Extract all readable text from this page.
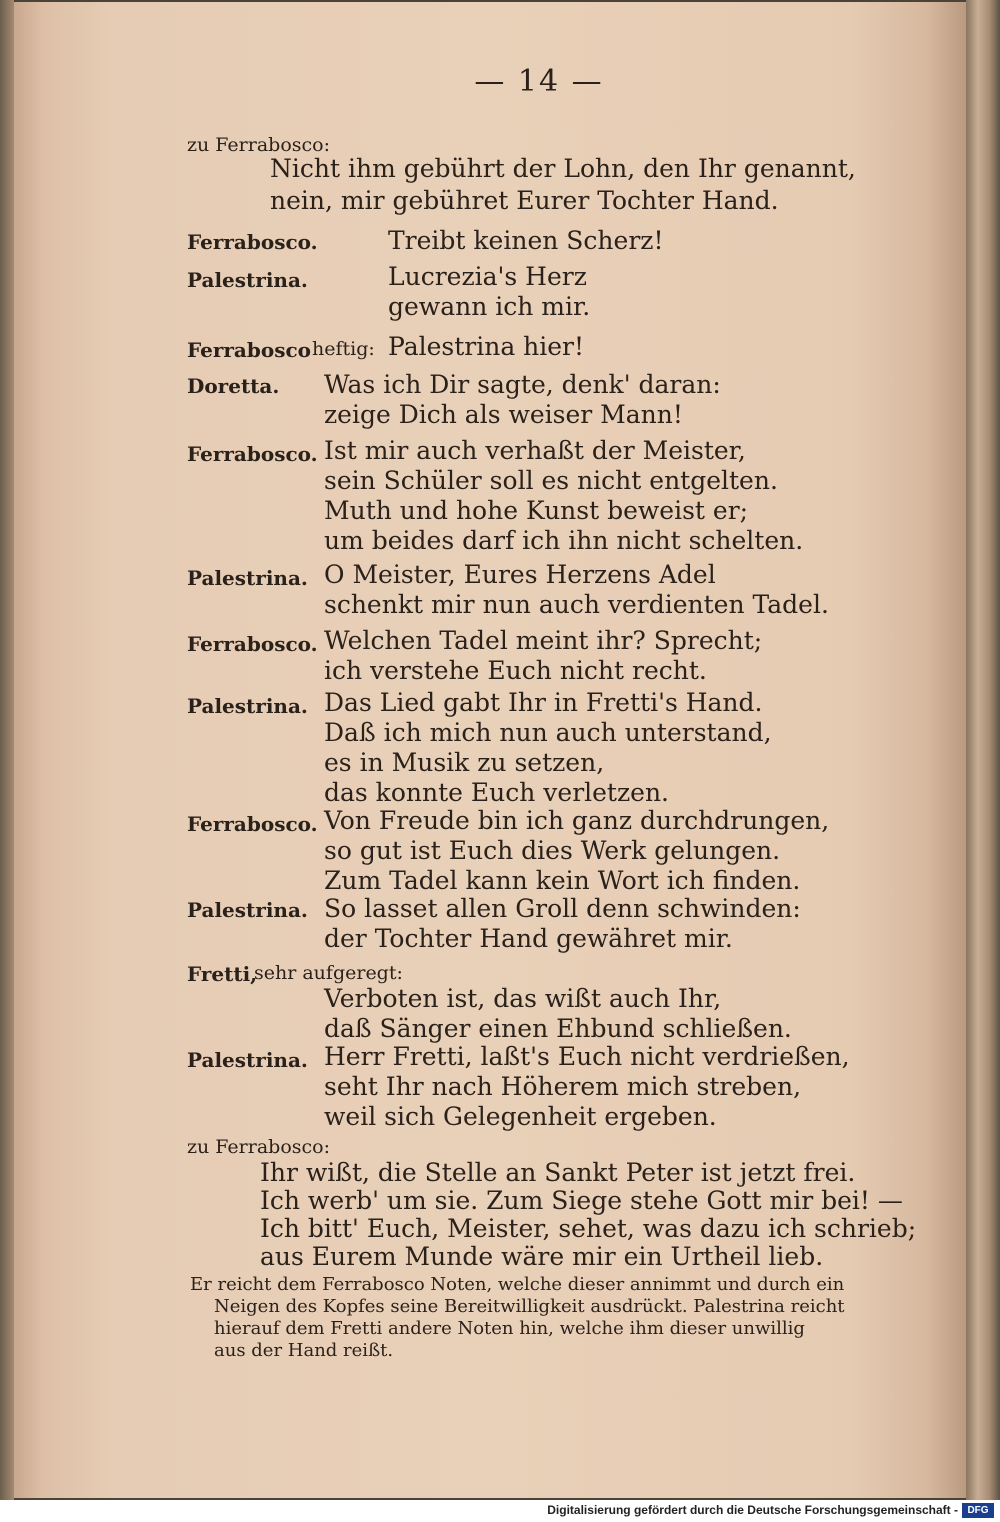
— 14 —
zu Ferrabosco:
Nicht ihm gebührt der Lohn, den Ihr genannt,
nein, mir gebühret Eurer Tochter Hand.
Ferrabosco.	Treibt keinen Scherz!
Palestrina.	Lucrezia's Herz
gewann ich mir.
Ferrabosco heftig: Palestrina hier!
Doretta. Was ich Dir sagte, denk' daran:
zeige Dich als weiser Mann!
Ferrabosco. Ist mir auch verhaßt der Meister,
sein Schüler soll es nicht entgelten.
Muth und hohe Kunst beweist er;
um beides darf ich ihn nicht schelten.
Palestrina. O Meister, Eures Herzens Adel
schenkt mir nun auch verdienten Tadel.
Ferrabosco. Welchen Tadel meint ihr? Sprecht;
ich verstehe Euch nicht recht.
Palestrina. Das Lied gabt Ihr in Fretti's Hand.
Daß ich mich nun auch unterstand,
es in Musik zu setzen,
das konnte Euch verletzen.
Ferrabosco. Von Freude bin ich ganz durchdrungen,
so gut ist Euch dies Werk gelungen.
Zum Tadel kann kein Wort ich finden.
Palestrina. So lasset allen Groll denn schwinden:
der Tochter Hand gewähret mir.
Fretti,
sehr aufgeregt:
Verboten ist, das wißt auch Ihr,
daß Sänger einen Ehbund schließen.
Palestrina. Herr Fretti, laßt's Euch nicht verdrießen,
seht Ihr nach Höherem mich streben,
weil sich Gelegenheit ergeben.
zu Ferrabosco:
Ihr wißt, die Stelle an Sankt Peter ist jetzt frei.
Ich werb' um sie. Zum Siege stehe Gott mir bei! —
Ich bitt' Euch, Meister, sehet, was dazu ich schrieb;
aus Eurem Munde wäre mir ein Urtheil lieb.
Er reicht dem Ferrabosco Noten, welche dieser annimmt und durch ein
Neigen des Kopfes seine Bereitwilligkeit ausdrückt. Palestrina reicht
hierauf dem Fretti andere Noten hin, welche ihm dieser unwillig
aus der Hand reißt.
Digitalisierung gefördert durch die Deutsche Forschungsgemeinschaft - DFG
